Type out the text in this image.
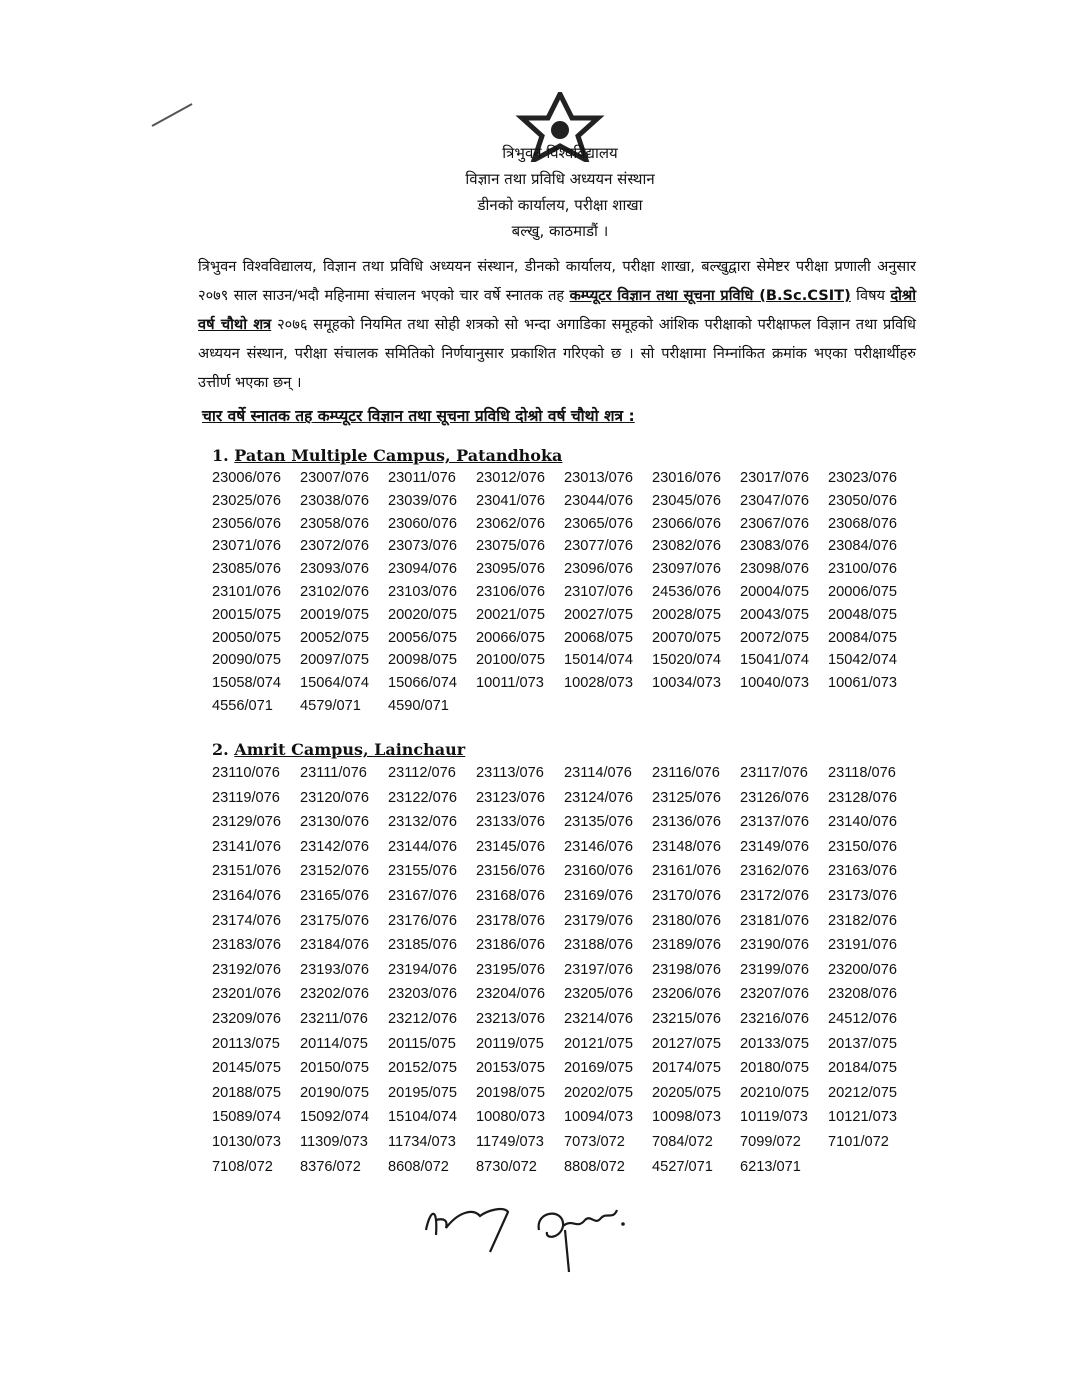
त्रिभुवन विश्वविद्यालय
विज्ञान तथा प्रविधि अध्ययन संस्थान
डीनको कार्यालय, परीक्षा शाखा
बल्खु, काठमाडौं ।
त्रिभुवन विश्वविद्यालय, विज्ञान तथा प्रविधि अध्ययन संस्थान, डीनको कार्यालय, परीक्षा शाखा, बल्खुद्वारा सेमेष्टर परीक्षा प्रणाली अनुसार २०७९ साल साउन/भदौ महिनामा संचालन भएको चार वर्षे स्नातक तह कम्प्यूटर विज्ञान तथा सूचना प्रविधि (B.Sc.CSIT) विषय दोश्रो वर्ष चौथो शत्र २०७६ समूहको नियमित तथा सोही शत्रको सो भन्दा अगाडिका समूहको आंशिक परीक्षाको परीक्षाफल विज्ञान तथा प्रविधि अध्ययन संस्थान, परीक्षा संचालक समितिको निर्णयानुसार प्रकाशित गरिएको छ । सो परीक्षामा निम्नांकित क्रमांक भएका परीक्षार्थीहरु उत्तीर्ण भएका छन् ।
चार वर्षे स्नातक तह कम्प्यूटर विज्ञान तथा सूचना प्रविधि दोश्रो वर्ष चौथो शत्र :
1. Patan Multiple Campus, Patandhoka
23006/076	23007/076	23011/076	23012/076	23013/076	23016/076	23017/076	23023/076
23025/076	23038/076	23039/076	23041/076	23044/076	23045/076	23047/076	23050/076
23056/076	23058/076	23060/076	23062/076	23065/076	23066/076	23067/076	23068/076
23071/076	23072/076	23073/076	23075/076	23077/076	23082/076	23083/076	23084/076
23085/076	23093/076	23094/076	23095/076	23096/076	23097/076	23098/076	23100/076
23101/076	23102/076	23103/076	23106/076	23107/076	24536/076	20004/075	20006/075
20015/075	20019/075	20020/075	20021/075	20027/075	20028/075	20043/075	20048/075
20050/075	20052/075	20056/075	20066/075	20068/075	20070/075	20072/075	20084/075
20090/075	20097/075	20098/075	20100/075	15014/074	15020/074	15041/074	15042/074
15058/074	15064/074	15066/074	10011/073	10028/073	10034/073	10040/073	10061/073
4556/071	4579/071	4590/071
2. Amrit Campus, Lainchaur
23110/076	23111/076	23112/076	23113/076	23114/076	23116/076	23117/076	23118/076
23119/076	23120/076	23122/076	23123/076	23124/076	23125/076	23126/076	23128/076
23129/076	23130/076	23132/076	23133/076	23135/076	23136/076	23137/076	23140/076
23141/076	23142/076	23144/076	23145/076	23146/076	23148/076	23149/076	23150/076
23151/076	23152/076	23155/076	23156/076	23160/076	23161/076	23162/076	23163/076
23164/076	23165/076	23167/076	23168/076	23169/076	23170/076	23172/076	23173/076
23174/076	23175/076	23176/076	23178/076	23179/076	23180/076	23181/076	23182/076
23183/076	23184/076	23185/076	23186/076	23188/076	23189/076	23190/076	23191/076
23192/076	23193/076	23194/076	23195/076	23197/076	23198/076	23199/076	23200/076
23201/076	23202/076	23203/076	23204/076	23205/076	23206/076	23207/076	23208/076
23209/076	23211/076	23212/076	23213/076	23214/076	23215/076	23216/076	24512/076
20113/075	20114/075	20115/075	20119/075	20121/075	20127/075	20133/075	20137/075
20145/075	20150/075	20152/075	20153/075	20169/075	20174/075	20180/075	20184/075
20188/075	20190/075	20195/075	20198/075	20202/075	20205/075	20210/075	20212/075
15089/074	15092/074	15104/074	10080/073	10094/073	10098/073	10119/073	10121/073
10130/073	11309/073	11734/073	11749/073	7073/072	7084/072	7099/072	7101/072
7108/072	8376/072	8608/072	8730/072	8808/072	4527/071	6213/071
